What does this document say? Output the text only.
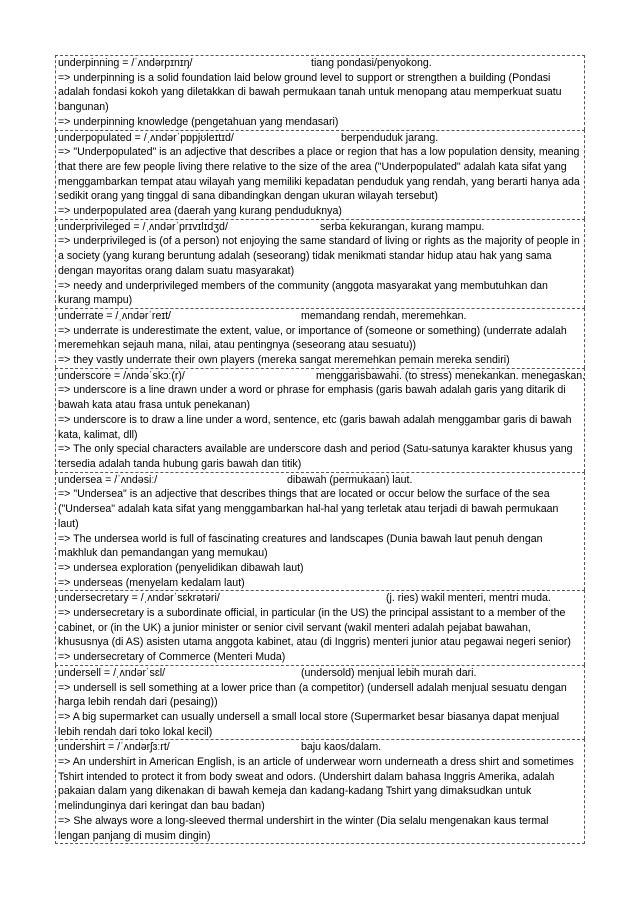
underpinning = /ˈʌndərpɪnɪŋ/	tiang pondasi/penyokong.
=> underpinning is a solid foundation laid below ground level to support or strengthen a building (Pondasi adalah fondasi kokoh yang diletakkan di bawah permukaan tanah untuk menopang atau memperkuat suatu bangunan)
=> underpinning knowledge (pengetahuan yang mendasari)
underpopulated = /ˌʌndərˈpɒpjʊleɪtɪd/	berpenduduk jarang.
=> "Underpopulated" is an adjective that describes a place or region that has a low population density, meaning that there are few people living there relative to the size of the area ("Underpopulated" adalah kata sifat yang menggambarkan tempat atau wilayah yang memiliki kepadatan penduduk yang rendah, yang berarti hanya ada sedikit orang yang tinggal di sana dibandingkan dengan ukuran wilayah tersebut)
=> underpopulated area (daerah yang kurang penduduknya)
underprivileged = /ˌʌndərˈprɪvɪlɪdʒd/	serba kekurangan, kurang mampu.
=> underprivileged is (of a person) not enjoying the same standard of living or rights as the majority of people in a society (yang kurang beruntung adalah (seseorang) tidak menikmati standar hidup atau hak yang sama dengan mayoritas orang dalam suatu masyarakat)
=> needy and underprivileged members of the community (anggota masyarakat yang membutuhkan dan kurang mampu)
underrate = /ˌʌndərˈreɪt/	memandang rendah, meremehkan.
=> underrate is underestimate the extent, value, or importance of (someone or something) (underrate adalah meremehkan sejauh mana, nilai, atau pentingnya (seseorang atau sesuatu))
=> they vastly underrate their own players (mereka sangat meremehkan pemain mereka sendiri)
underscore = /ʌndəˈskɔː(r)/	menggarisbawahi. (to stress) menekankan. menegaskan.
=> underscore is a line drawn under a word or phrase for emphasis (garis bawah adalah garis yang ditarik di bawah kata atau frasa untuk penekanan)
=> underscore is to draw a line under a word, sentence, etc (garis bawah adalah menggambar garis di bawah kata, kalimat, dll)
=> The only special characters available are underscore dash and period (Satu-satunya karakter khusus yang tersedia adalah tanda hubung garis bawah dan titik)
undersea = /ˈʌndəsiː/	dibawah (permukaan) laut.
=> "Undersea" is an adjective that describes things that are located or occur below the surface of the sea ("Undersea" adalah kata sifat yang menggambarkan hal-hal yang terletak atau terjadi di bawah permukaan laut)
=> The undersea world is full of fascinating creatures and landscapes (Dunia bawah laut penuh dengan makhluk dan pemandangan yang memukau)
=> undersea exploration (penyelidikan dibawah laut)
=> underseas (menyelam kedalam laut)
undersecretary = /ˌʌndərˈsɛkrətəri/	(j. ries) wakil menteri, mentri muda.
=> undersecretary is a subordinate official, in particular (in the US) the principal assistant to a member of the cabinet, or (in the UK) a junior minister or senior civil servant (wakil menteri adalah pejabat bawahan, khususnya (di AS) asisten utama anggota kabinet, atau (di Inggris) menteri junior atau pegawai negeri senior)
=> undersecretary of Commerce (Menteri Muda)
undersell = /ˌʌndərˈsɛl/	(undersold) menjual lebih murah dari.
=> undersell is sell something at a lower price than (a competitor) (undersell adalah menjual sesuatu dengan harga lebih rendah dari (pesaing))
=> A big supermarket can usually undersell a small local store (Supermarket besar biasanya dapat menjual lebih rendah dari toko lokal kecil)
undershirt = /ˈʌndərʃɜːrt/	baju kaos/dalam.
=> An undershirt in American English, is an article of underwear worn underneath a dress shirt and sometimes Tshirt intended to protect it from body sweat and odors. (Undershirt dalam bahasa Inggris Amerika, adalah pakaian dalam yang dikenakan di bawah kemeja dan kadang-kadang Tshirt yang dimaksudkan untuk melindunginya dari keringat dan bau badan)
=> She always wore a long-sleeved thermal undershirt in the winter (Dia selalu mengenakan kaus termal lengan panjang di musim dingin)
